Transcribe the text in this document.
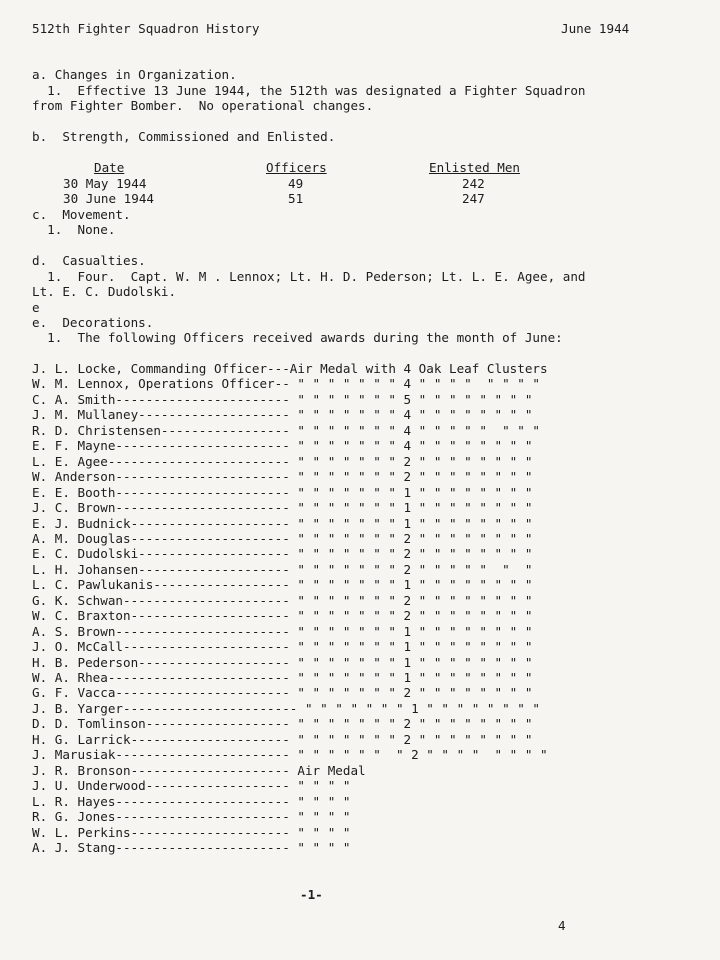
512th Fighter Squadron History	June 1944
a. Changes in Organization.
1.  Effective 13 June 1944, the 512th was designated a Fighter Squadron
from Fighter Bomber.  No operational changes.
b.  Strength, Commissioned and Enlisted.
Date	Officers	Enlisted Men
30 May 1944	49	242
30 June 1944	51	247
c.  Movement.
1.  None.
d.  Casualties.
1.  Four.  Capt. W. M . Lennox; Lt. H. D. Pederson; Lt. L. E. Agee, and
Lt. E. C. Dudolski.
e
e.  Decorations.
1.  The following Officers received awards during the month of June:
J. L. Locke, Commanding Officer---Air Medal with 4 Oak Leaf Clusters
W. M. Lennox, Operations Officer-- " " " " " " " 4 " " " "  " " " "
C. A. Smith----------------------- " " " " " " " 5 " " " " " " " "
J. M. Mullaney-------------------- " " " " " " " 4 " " " " " " " "
R. D. Christensen----------------- " " " " " " " 4 " " " " "  " " "
E. F. Mayne----------------------- " " " " " " " 4 " " " " " " " "
L. E. Agee------------------------ " " " " " " " 2 " " " " " " " "
W. Anderson----------------------- " " " " " " " 2 " " " " " " " "
E. E. Booth----------------------- " " " " " " " 1 " " " " " " " "
J. C. Brown----------------------- " " " " " " " 1 " " " " " " " "
E. J. Budnick--------------------- " " " " " " " 1 " " " " " " " "
A. M. Douglas--------------------- " " " " " " " 2 " " " " " " " "
E. C. Dudolski-------------------- " " " " " " " 2 " " " " " " " "
L. H. Johansen-------------------- " " " " " " " 2 " " " " "  "  "
L. C. Pawlukanis------------------ " " " " " " " 1 " " " " " " " "
G. K. Schwan---------------------- " " " " " " " 2 " " " " " " " "
W. C. Braxton--------------------- " " " " " " " 2 " " " " " " " "
A. S. Brown----------------------- " " " " " " " 1 " " " " " " " "
J. O. McCall---------------------- " " " " " " " 1 " " " " " " " "
H. B. Pederson-------------------- " " " " " " " 1 " " " " " " " "
W. A. Rhea------------------------ " " " " " " " 1 " " " " " " " "
G. F. Vacca----------------------- " " " " " " " 2 " " " " " " " "
J. B. Yarger----------------------- " " " " " " " 1 " " " " " " " "
D. D. Tomlinson------------------- " " " " " " " 2 " " " " " " " "
H. G. Larrick--------------------- " " " " " " " 2 " " " " " " " "
J. Marusiak----------------------- " " " " " "  " 2 " " " "  " " " "
J. R. Bronson--------------------- Air Medal
J. U. Underwood------------------- " " " "
L. R. Hayes----------------------- " " " "
R. G. Jones----------------------- " " " "
W. L. Perkins--------------------- " " " "
A. J. Stang----------------------- " " " "
-1-
4
